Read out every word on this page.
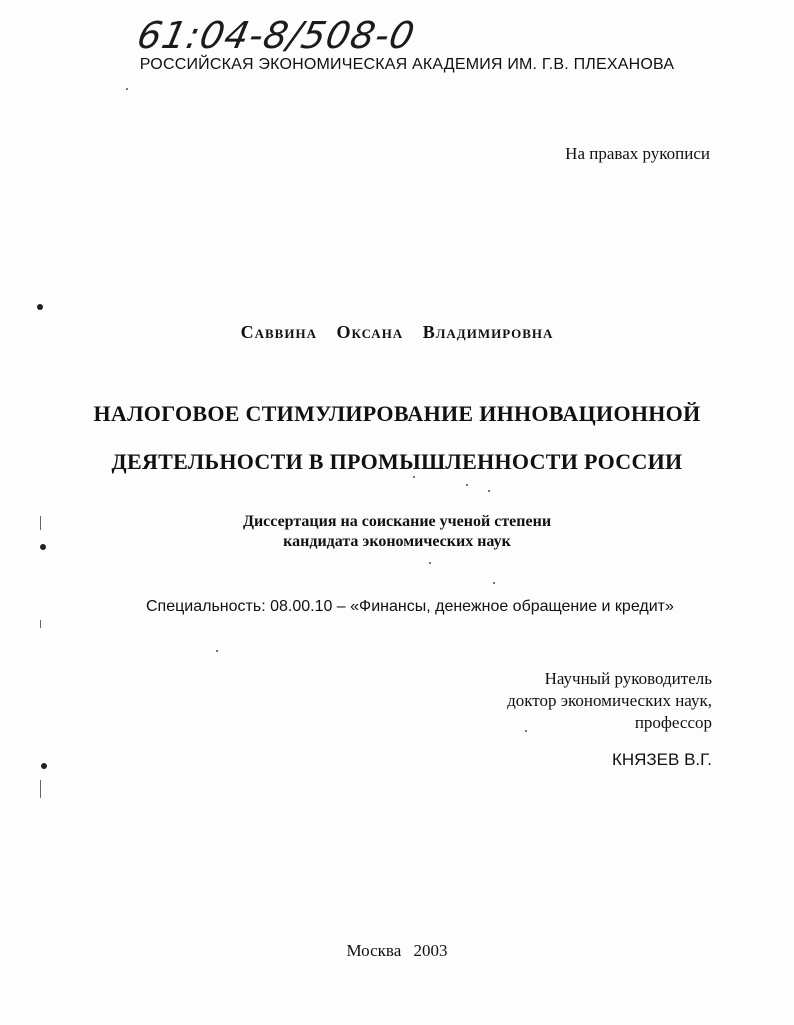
61:04-8/508-0
РОССИЙСКАЯ ЭКОНОМИЧЕСКАЯ АКАДЕМИЯ ИМ. Г.В. ПЛЕХАНОВА
На правах рукописи
Саввина Оксана Владимировна
НАЛОГОВОЕ СТИМУЛИРОВАНИЕ ИННОВАЦИОННОЙ
ДЕЯТЕЛЬНОСТИ В ПРОМЫШЛЕННОСТИ РОССИИ
Диссертация на соискание ученой степени
кандидата экономических наук
Специальность: 08.00.10 – «Финансы, денежное обращение и кредит»
Научный руководитель
доктор экономических наук,
профессор
КНЯЗЕВ В.Г.
Москва 2003
